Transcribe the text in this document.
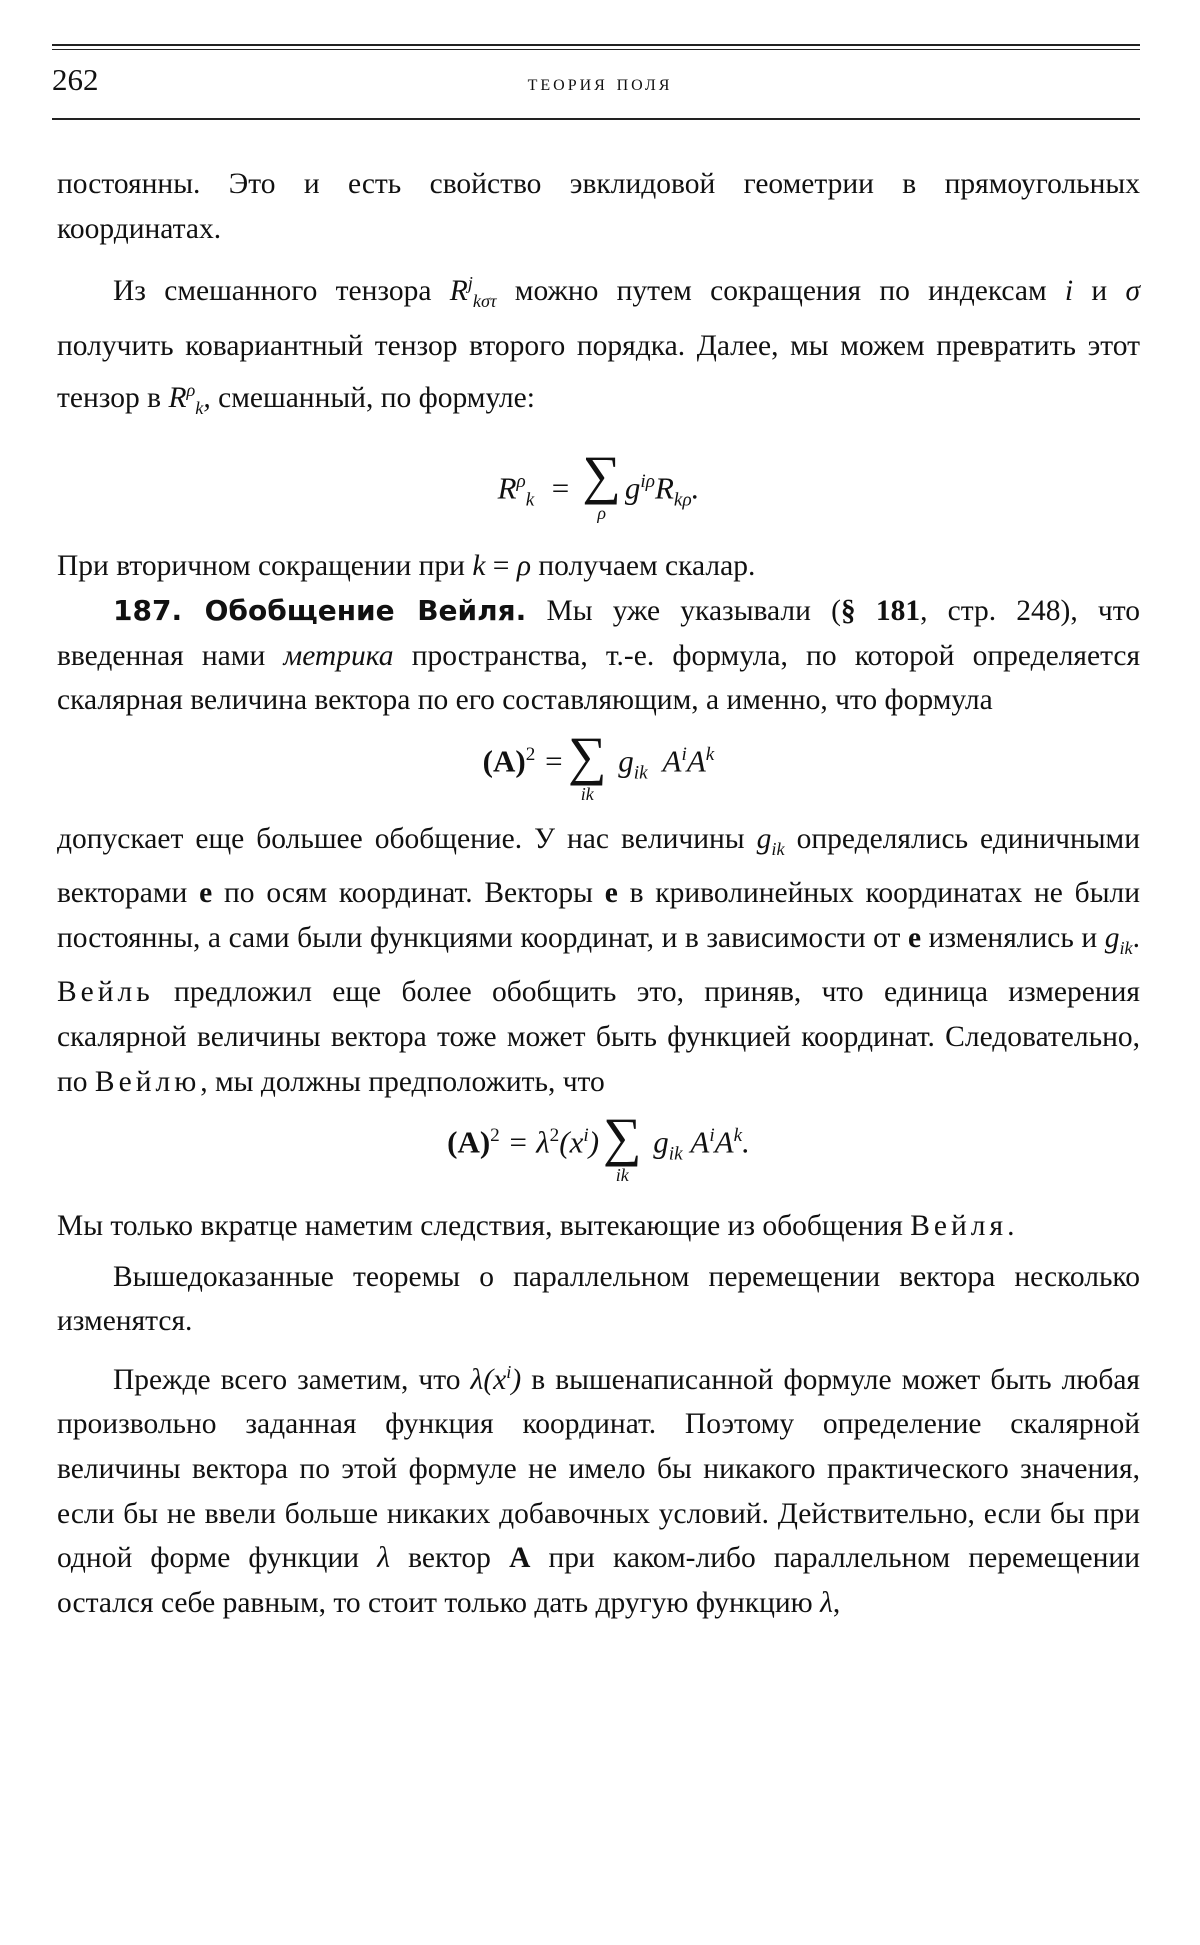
262	теория поля

постоянны. Это и есть свойство эвклидовой геометрии в прямоугольных координатах.

Из смешанного тензора $R^j_{k\sigma\tau}$ можно путем сокращения по индексам i и σ получить ковариантный тензор второго порядка. Далее, мы можем превратить этот тензор в $R^\rho_k$, смешанный, по формуле:

$R^\rho_k$  = ∑
ρ
$g^{i\rho}R_{k\rho}$.

При вторичном сокращении при k = ρ получаем скалар.

187. Обобщение Вейля. Мы уже указывали (§ 181, стр. 248), что введенная нами метрика пространства, т.-е. формула, по которой определяется скалярная величина вектора по его составляющим, а именно, что формула

$(A)^2$ = ∑
ik
$g_{ik}$  $A^iA^k$

допускает еще большее обобщение. У нас величины $g_{ik}$ определялись единичными векторами e по осям координат. Векторы e в криволинейных координатах не были постоянны, а сами были функциями координат, и в зависимости от e изменялись и $g_{ik}$. Вейль предложил еще более обобщить это, приняв, что единица измерения скалярной величины вектора тоже может быть функцией координат. Следовательно, по Вейлю, мы должны предположить, что

$(A)^2 = \lambda^2(x^i)$ ∑
ik
$g_{ik}$ $A^iA^k$.

Мы только вкратце наметим следствия, вытекающие из обобщения Вейля.

Вышедоказанные теоремы о параллельном перемещении вектора несколько изменятся.

Прежде всего заметим, что $\lambda(x^i)$ в вышенаписанной формуле может быть любая произвольно заданная функция координат. Поэтому определение скалярной величины вектора по этой формуле не имело бы никакого практического значения, если бы не ввели больше никаких добавочных условий. Действительно, если бы при одной форме функции λ вектор A при каком-либо параллельном перемещении остался себе равным, то стоит только дать другую функцию λ,
